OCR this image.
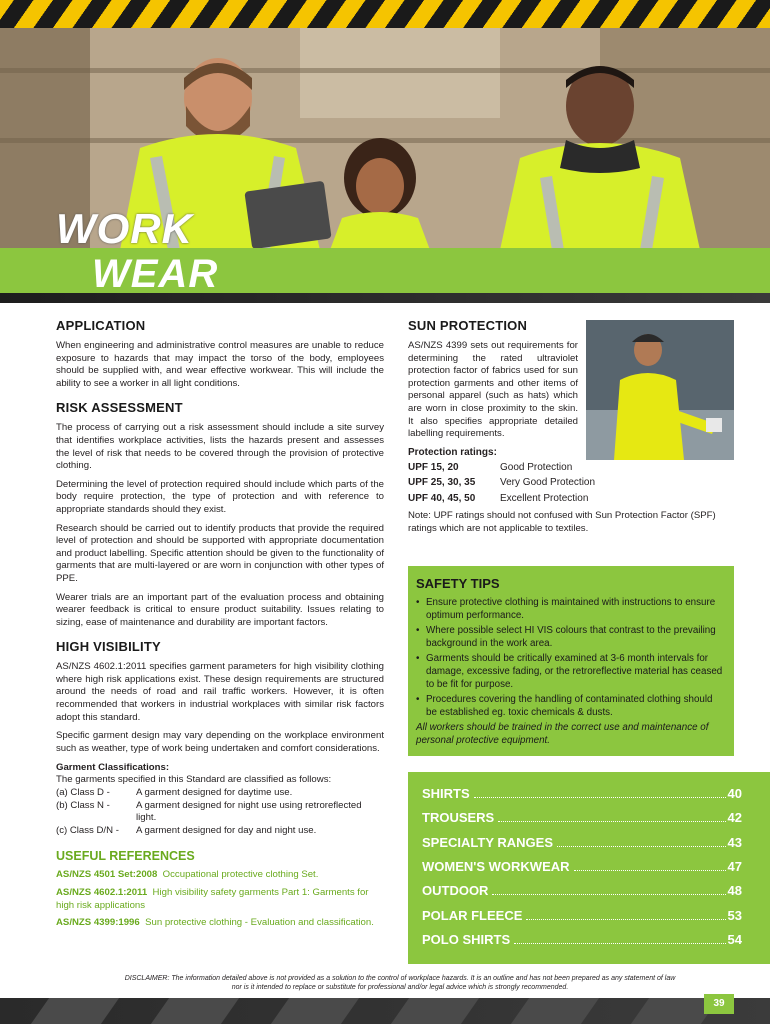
WORK
WEAR
APPLICATION

When engineering and administrative control measures are unable to reduce exposure to hazards that may impact the torso of the body, employees should be supplied with, and wear effective workwear. This will include the ability to see a worker in all light conditions.

RISK ASSESSMENT

The process of carrying out a risk assessment should include a site survey that identifies workplace activities, lists the hazards present and assesses the level of risk that needs to be covered through the provision of protective clothing.

Determining the level of protection required should include which parts of the body require protection, the type of protection and with reference to appropriate standards should they exist.

Research should be carried out to identify products that provide the required level of protection and should be supported with appropriate documentation and product labelling. Specific attention should be given to the functionality of garments that are multi-layered or are worn in conjunction with other types of PPE.

Wearer trials are an important part of the evaluation process and obtaining wearer feedback is critical to ensure product suitability. Issues relating to sizing, ease of maintenance and durability are important factors.

HIGH VISIBILITY

AS/NZS 4602.1:2011 specifies garment parameters for high visibility clothing where high risk applications exist. These design requirements are structured around the needs of road and rail traffic workers. However, it is often recommended that workers in industrial workplaces with similar risk factors adopt this standard.

Specific garment design may vary depending on the workplace environment such as weather, type of work being undertaken and comfort considerations.

Garment Classifications:
The garments specified in this Standard are classified as follows:
(a) Class D -	A garment designed for daytime use.
(b) Class N -	A garment designed for night use using retroreflected light.
(c) Class D/N -	A garment designed for day and night use.
USEFUL REFERENCES
AS/NZS 4501 Set:2008 Occupational protective clothing Set.
AS/NZS 4602.1:2011 High visibility safety garments Part 1: Garments for high risk applications
AS/NZS 4399:1996 Sun protective clothing - Evaluation and classification.
SUN PROTECTION

AS/NZS 4399 sets out requirements for determining the rated ultraviolet protection factor of fabrics used for sun protection garments and other items of personal apparel (such as hats) which are worn in close proximity to the skin. It also specifies appropriate detailed labelling requirements.

Protection ratings:
UPF 15, 20	Good Protection
UPF 25, 30, 35	Very Good Protection
UPF 40, 45, 50	Excellent Protection

Note: UPF ratings should not confused with Sun Protection Factor (SPF) ratings which are not applicable to textiles.

SAFETY TIPS
• Ensure protective clothing is maintained with instructions to ensure optimum performance.
• Where possible select HI VIS colours that contrast to the prevailing background in the work area.
• Garments should be critically examined at 3-6 month intervals for damage, excessive fading, or the retroreflective material has ceased to be fit for purpose.
• Procedures covering the handling of contaminated clothing should be established eg. toxic chemicals & dusts.
All workers should be trained in the correct use and maintenance of personal protective equipment.
SHIRTS	40
TROUSERS	42
SPECIALTY RANGES	43
WOMEN'S WORKWEAR	47
OUTDOOR	48
POLAR FLEECE	53
POLO SHIRTS	54
DISCLAIMER: The information detailed above is not provided as a solution to the control of workplace hazards. It is an outline and has not been prepared as any statement of law nor is it intended to replace or substitute for professional and/or legal advice which is strongly recommended.
39
